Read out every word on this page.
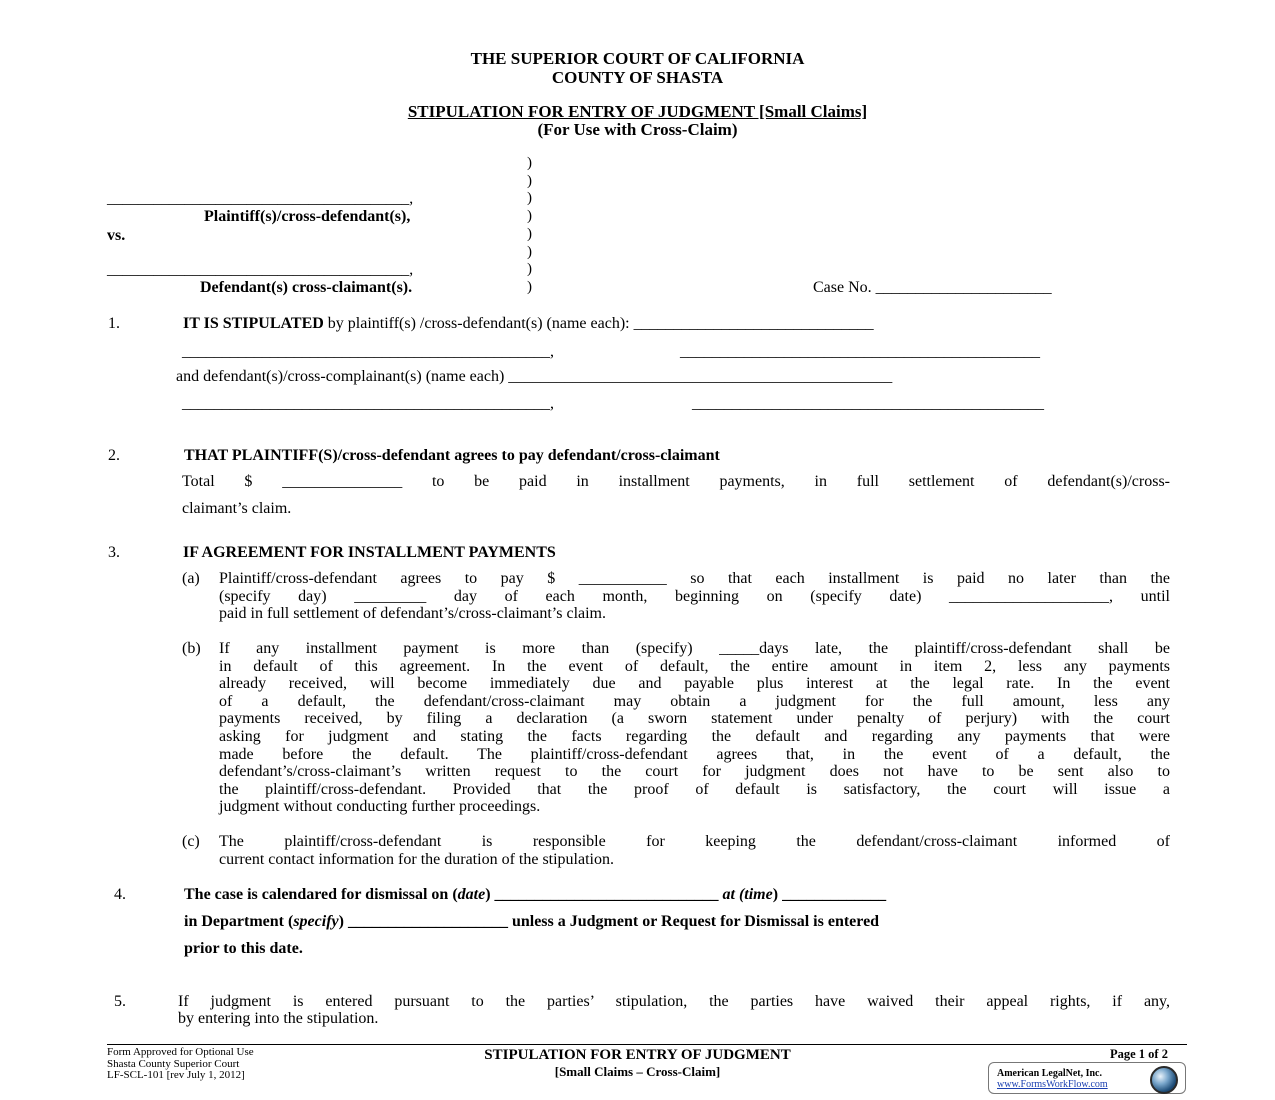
THE SUPERIOR COURT OF CALIFORNIA
COUNTY OF SHASTA
STIPULATION FOR ENTRY OF JUDGMENT [Small Claims]
(For Use with Cross-Claim)
)
)
)
)
)
)
)
)
_______________________________________,
Plaintiff(s)/cross-defendant(s),
vs.
_______________________________________,
Defendant(s) cross-claimant(s).	Case No. ______________________
1.	IT IS STIPULATED by plaintiff(s) /cross-defendant(s) (name each): ______________________________
______________________________________________,	_____________________________________________
and defendant(s)/cross-complainant(s) (name each) ________________________________________________
______________________________________________,	____________________________________________
2.	THAT PLAINTIFF(S)/cross-defendant agrees to pay defendant/cross-claimant
Total $ _______________ to be paid in installment payments, in full settlement of defendant(s)/cross-
claimant’s claim.
3.	IF AGREEMENT FOR INSTALLMENT PAYMENTS
(a) Plaintiff/cross-defendant agrees to pay $ ___________ so that each installment is paid no later than the
(specify day) _________ day of each month, beginning on (specify date) ____________________, until
paid in full settlement of defendant’s/cross-claimant’s claim.
(b) If any installment payment is more than (specify) _____days late, the plaintiff/cross-defendant shall be
in default of this agreement. In the event of default, the entire amount in item 2, less any payments
already received, will become immediately due and payable plus interest at the legal rate. In the event
of a default, the defendant/cross-claimant may obtain a judgment for the full amount, less any
payments received, by filing a declaration (a sworn statement under penalty of perjury) with the court
asking for judgment and stating the facts regarding the default and regarding any payments that were
made before the default. The plaintiff/cross-defendant agrees that, in the event of a default, the
defendant’s/cross-claimant’s written request to the court for judgment does not have to be sent also to
the plaintiff/cross-defendant. Provided that the proof of default is satisfactory, the court will issue a
judgment without conducting further proceedings.
(c) The plaintiff/cross-defendant is responsible for keeping the defendant/cross-claimant informed of
current contact information for the duration of the stipulation.
4.	The case is calendared for dismissal on (date) ____________________________ at (time) _____________
in Department (specify) ____________________ unless a Judgment or Request for Dismissal is entered
prior to this date.
5.	If judgment is entered pursuant to the parties’ stipulation, the parties have waived their appeal rights, if any,
by entering into the stipulation.
Form Approved for Optional Use
Shasta County Superior Court
LF-SCL-101 [rev July 1, 2012]
STIPULATION FOR ENTRY OF JUDGMENT
[Small Claims – Cross-Claim]
Page 1 of 2
American LegalNet, Inc.
www.FormsWorkFlow.com
